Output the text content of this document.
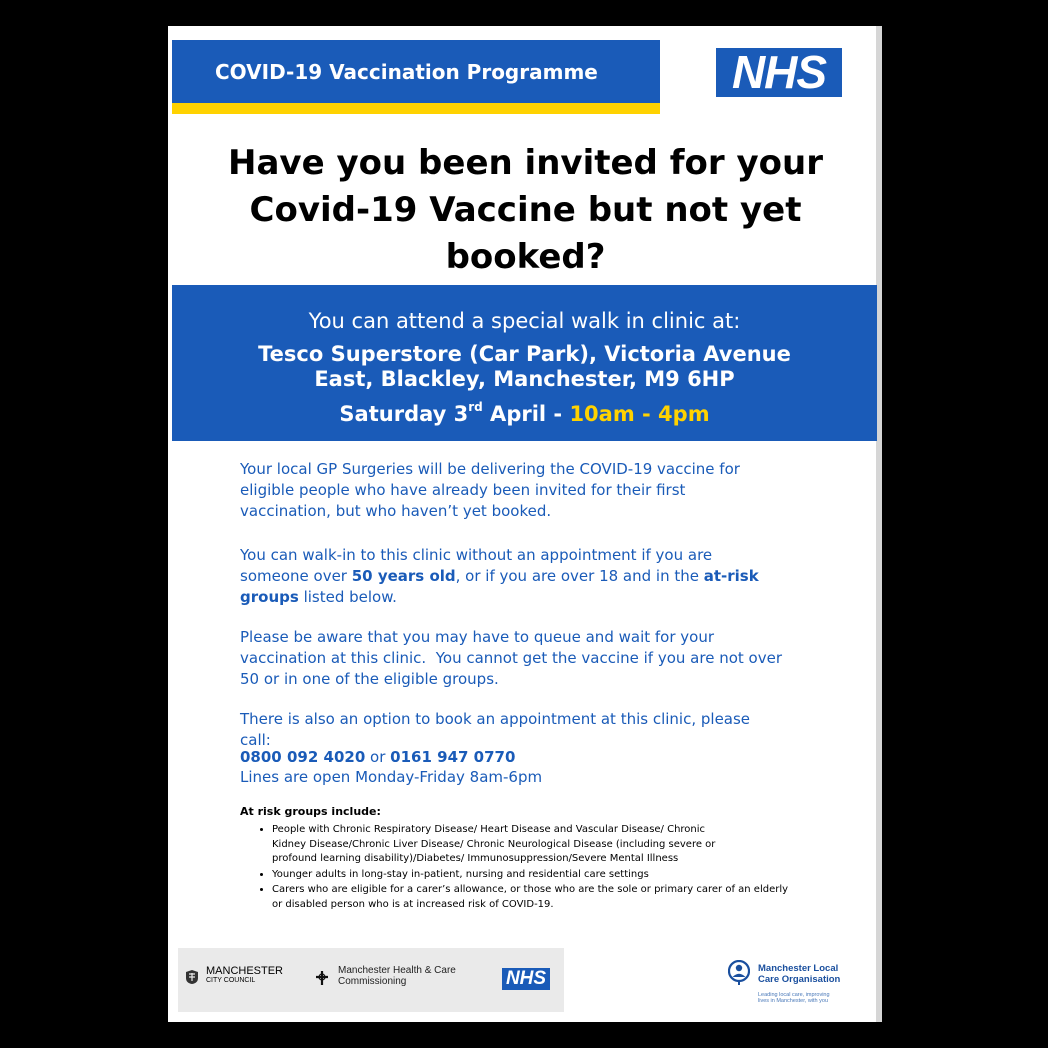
COVID-19 Vaccination Programme	NHS
Have you been invited for your
Covid-19 Vaccine but not yet
booked?
You can attend a special walk in clinic at:
Tesco Superstore (Car Park), Victoria Avenue
East, Blackley, Manchester, M9 6HP
Saturday 3rd April - 10am - 4pm
Your local GP Surgeries will be delivering the COVID-19 vaccine for
eligible people who have already been invited for their first
vaccination, but who haven’t yet booked.
You can walk-in to this clinic without an appointment if you are
someone over 50 years old, or if you are over 18 and in the at-risk
groups listed below.
Please be aware that you may have to queue and wait for your
vaccination at this clinic.  You cannot get the vaccine if you are not over
50 or in one of the eligible groups.
There is also an option to book an appointment at this clinic, please
call:
0800 092 4020 or 0161 947 0770
Lines are open Monday-Friday 8am-6pm
At risk groups include:
• People with Chronic Respiratory Disease/ Heart Disease and Vascular Disease/ Chronic
Kidney Disease/Chronic Liver Disease/ Chronic Neurological Disease (including severe or
profound learning disability)/Diabetes/ Immunosuppression/Severe Mental Illness
• Younger adults in long-stay in-patient, nursing and residential care settings
• Carers who are eligible for a carer’s allowance, or those who are the sole or primary carer of an elderly
or disabled person who is at increased risk of COVID-19.
MANCHESTER
CITY COUNCIL
Manchester Health & Care
Commissioning	NHS	Manchester Local
Care Organisation
Leading local care, improving
lives in Manchester, with you
